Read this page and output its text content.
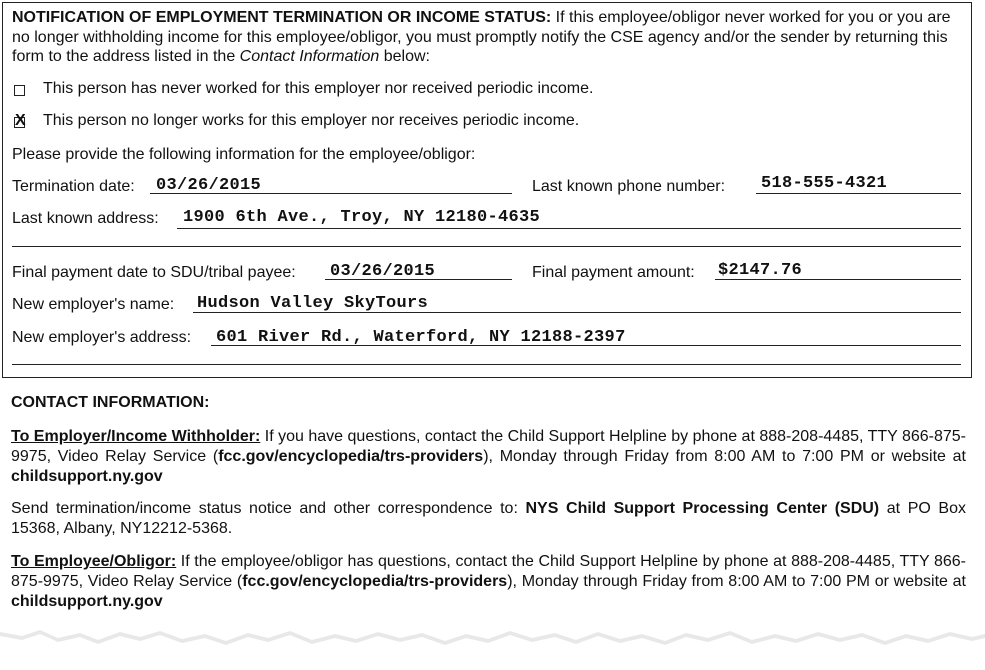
NOTIFICATION OF EMPLOYMENT TERMINATION OR INCOME STATUS: If this employee/obligor never worked for you or you are no longer withholding income for this employee/obligor, you must promptly notify the CSE agency and/or the sender by returning this form to the address listed in the Contact Information below:
This person has never worked for this employer nor received periodic income.
X This person no longer works for this employer nor receives periodic income.
Please provide the following information for the employee/obligor:
Termination date: 03/26/2015	Last known phone number: 518-555-4321
Last known address: 1900 6th Ave., Troy, NY 12180-4635
Final payment date to SDU/tribal payee: 03/26/2015	Final payment amount: $2147.76
New employer's name: Hudson Valley SkyTours
New employer's address: 601 River Rd., Waterford, NY 12188-2397
CONTACT INFORMATION:
To Employer/Income Withholder: If you have questions, contact the Child Support Helpline by phone at 888-208-4485, TTY 866-875-9975, Video Relay Service (fcc.gov/encyclopedia/trs-providers), Monday through Friday from 8:00 AM to 7:00 PM or website at childsupport.ny.gov
Send termination/income status notice and other correspondence to: NYS Child Support Processing Center (SDU) at PO Box 15368, Albany, NY12212-5368.
To Employee/Obligor: If the employee/obligor has questions, contact the Child Support Helpline by phone at 888-208-4485, TTY 866-875-9975, Video Relay Service (fcc.gov/encyclopedia/trs-providers), Monday through Friday from 8:00 AM to 7:00 PM or website at childsupport.ny.gov
